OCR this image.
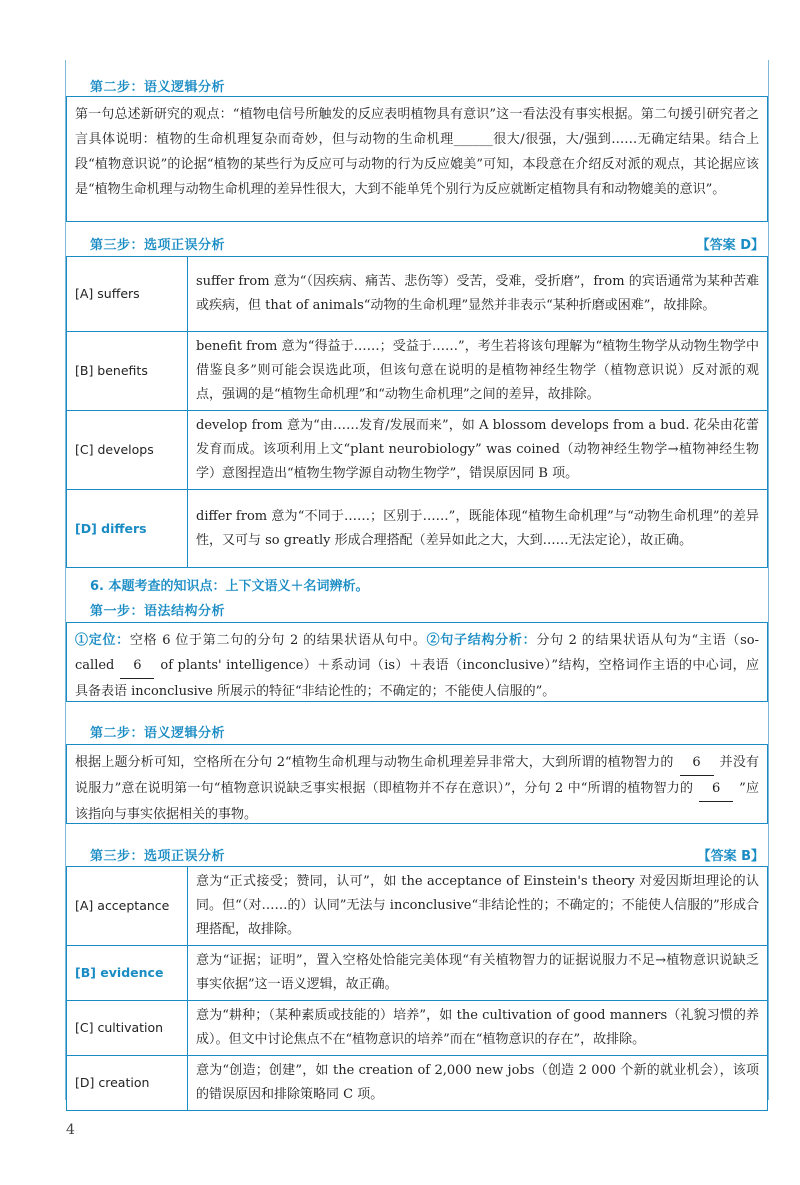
第二步：语义逻辑分析

第一句总述新研究的观点：“植物电信号所触发的反应表明植物具有意识”这一看法没有事实根据。第二句援引研究者之言具体说明：植物的生命机理复杂而奇妙，但与动物的生命机理______很大/很强，大/强到……无确定结果。结合上段“植物意识说”的论据“植物的某些行为反应可与动物的行为反应媲美”可知，本段意在介绍反对派的观点，其论据应该是“植物生命机理与动物生命机理的差异性很大，大到不能单凭个别行为反应就断定植物具有和动物媲美的意识”。

第三步：选项正误分析	【答案 D】
[A] suffers	suffer from 意为“（因疾病、痛苦、悲伤等）受苦，受难，受折磨”，from 的宾语通常为某种苦难或疾病，但 that of animals“动物的生命机理”显然并非表示“某种折磨或困难”，故排除。
[B] benefits	benefit from 意为“得益于……；受益于……”，考生若将该句理解为“植物生物学从动物生物学中借鉴良多”则可能会误选此项，但该句意在说明的是植物神经生物学（植物意识说）反对派的观点，强调的是“植物生命机理”和“动物生命机理”之间的差异，故排除。
[C] develops	develop from 意为“由……发育/发展而来”，如 A blossom develops from a bud. 花朵由花蕾发育而成。该项利用上文“plant neurobiology” was coined（动物神经生物学→植物神经生物学）意图捏造出“植物生物学源自动物生物学”，错误原因同 B 项。
[D] differs	differ from 意为“不同于……；区别于……”，既能体现“植物生命机理”与“动物生命机理”的差异性，又可与 so greatly 形成合理搭配（差异如此之大，大到……无法定论），故正确。
6. 本题考查的知识点：上下文语义＋名词辨析。
第一步：语法结构分析

①定位：空格 6 位于第二句的分句 2 的结果状语从句中。②句子结构分析：分句 2 的结果状语从句为“主语（so-called 6 of plants' intelligence）＋系动词（is）＋表语（inconclusive）”结构，空格词作主语的中心词，应具备表语 inconclusive 所展示的特征“非结论性的；不确定的；不能使人信服的”。

第二步：语义逻辑分析

根据上题分析可知，空格所在分句 2“植物生命机理与动物生命机理差异非常大，大到所谓的植物智力的 6 并没有说服力”意在说明第一句“植物意识说缺乏事实根据（即植物并不存在意识）”，分句 2 中“所谓的植物智力的 6 ”应该指向与事实依据相关的事物。

第三步：选项正误分析	【答案 B】
[A] acceptance	意为“正式接受；赞同，认可”，如 the acceptance of Einstein's theory 对爱因斯坦理论的认同。但“（对……的）认同”无法与 inconclusive“非结论性的；不确定的；不能使人信服的”形成合理搭配，故排除。
[B] evidence	意为“证据；证明”，置入空格处恰能完美体现“有关植物智力的证据说服力不足→植物意识说缺乏事实依据”这一语义逻辑，故正确。
[C] cultivation	意为“耕种；（某种素质或技能的）培养”，如 the cultivation of good manners（礼貌习惯的养成）。但文中讨论焦点不在“植物意识的培养”而在“植物意识的存在”，故排除。
[D] creation	意为“创造；创建”，如 the creation of 2,000 new jobs（创造 2 000 个新的就业机会），该项的错误原因和排除策略同 C 项。
4
